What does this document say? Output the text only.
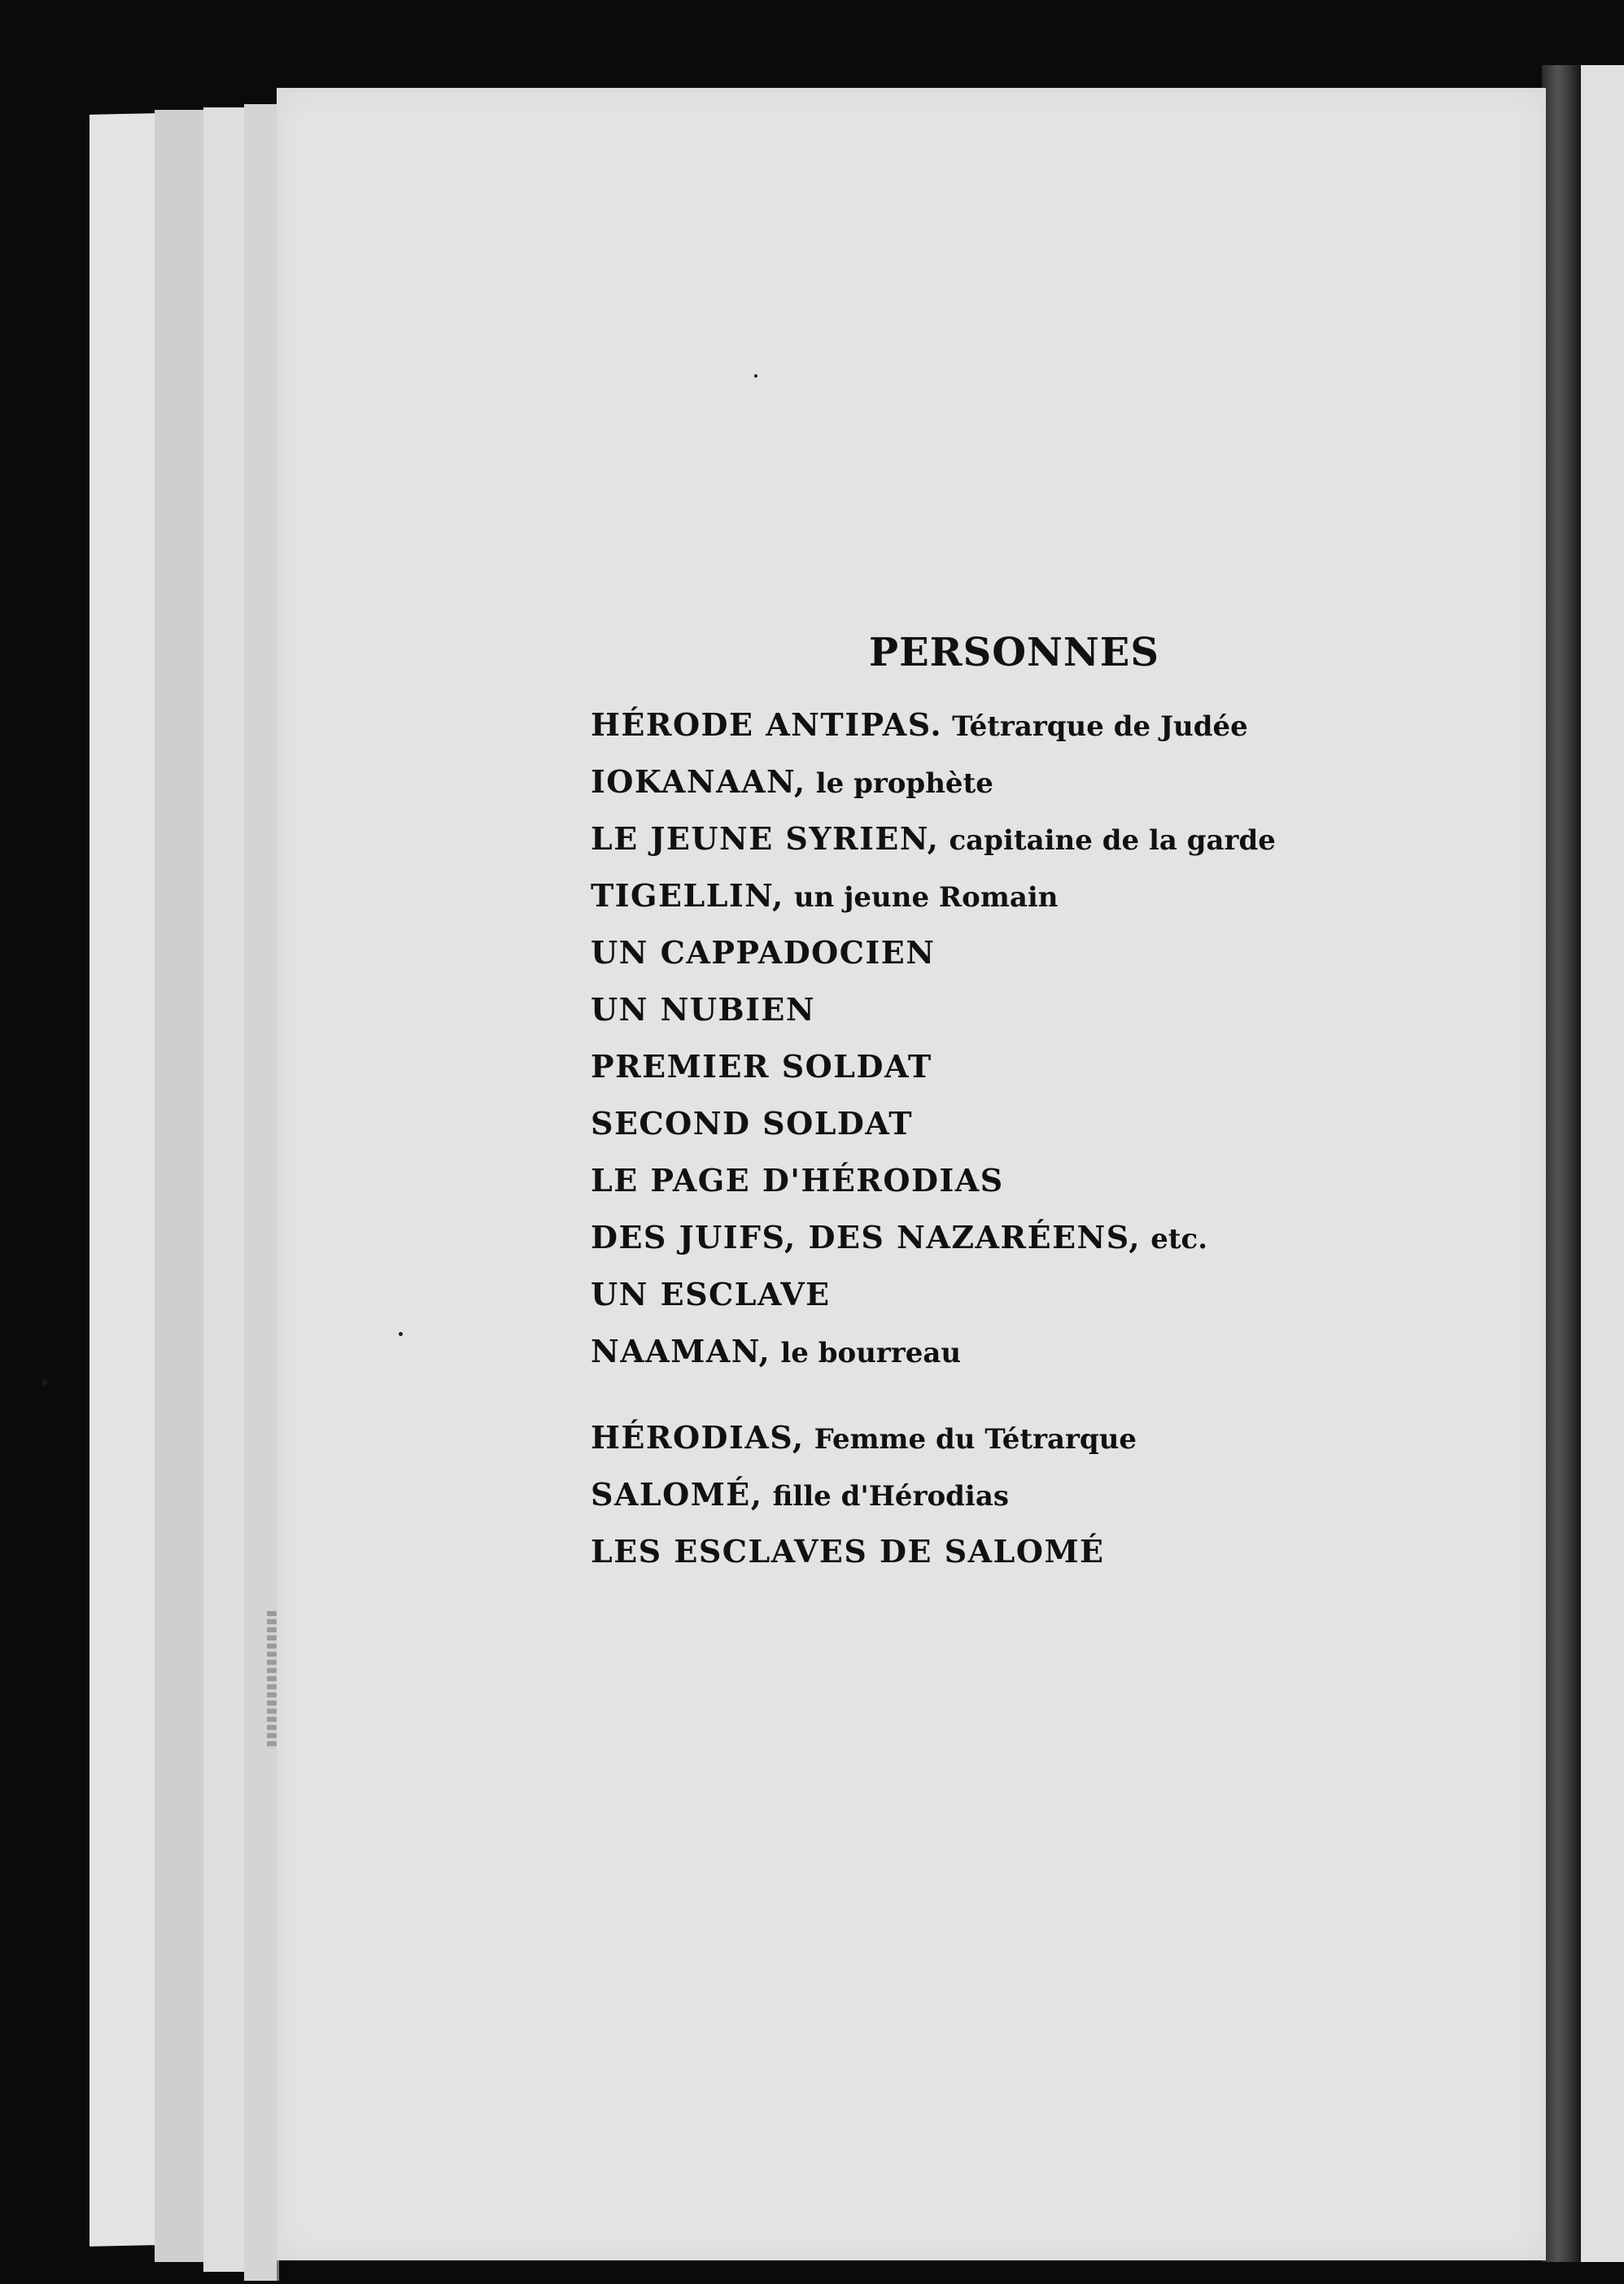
PERSONNES
HÉRODE ANTIPAS. Tétrarque de Judée
IOKANAAN, le prophète
LE JEUNE SYRIEN, capitaine de la garde
TIGELLIN, un jeune Romain
UN CAPPADOCIEN
UN NUBIEN
PREMIER SOLDAT
SECOND SOLDAT
LE PAGE D'HÉRODIAS
DES JUIFS, DES NAZARÉENS, etc.
UN ESCLAVE
NAAMAN, le bourreau
HÉRODIAS, Femme du Tétrarque
SALOMÉ, fille d'Hérodias
LES ESCLAVES DE SALOMÉ
